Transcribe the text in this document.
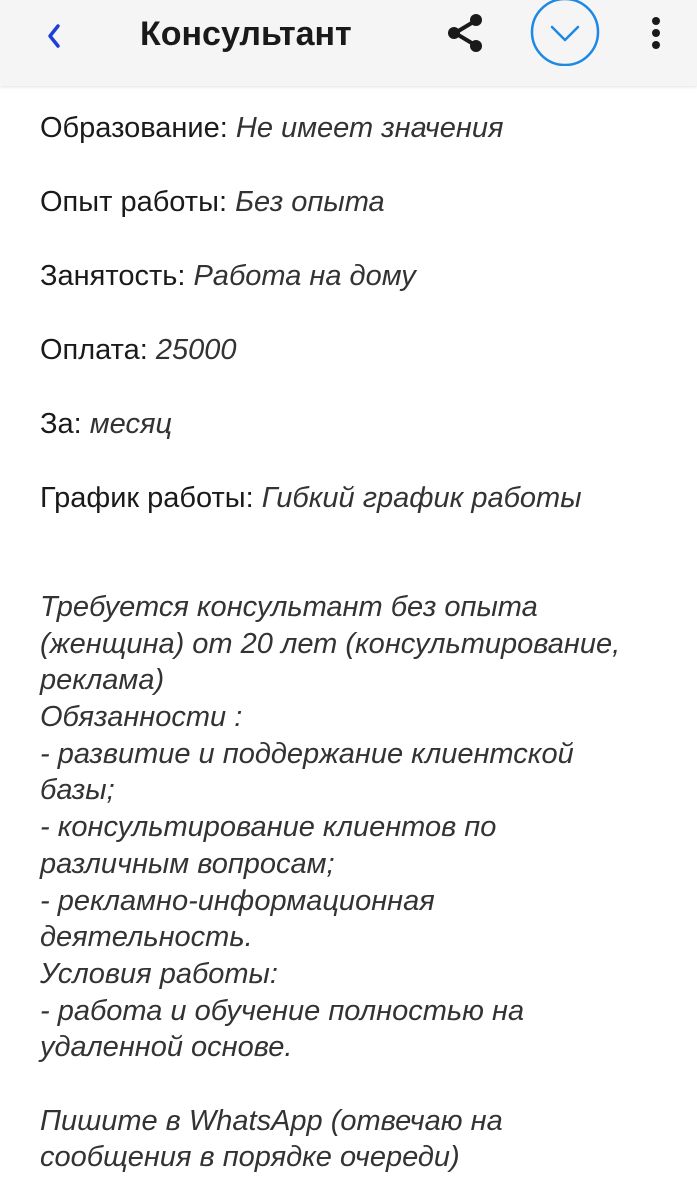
Консультант
Образование: Не имеет значения
Опыт работы: Без опыта
Занятость: Работа на дому
Оплата: 25000
За: месяц
График работы: Гибкий график работы
Требуется консультант без опыта
(женщина) от 20 лет (консультирование,
реклама)
Обязанности :
- развитие и поддержание клиентской
базы;
- консультирование клиентов по
различным вопросам;
- рекламно-информационная
деятельность.
Условия работы:
- работа и обучение полностью на
удаленной основе.
Пишите в WhatsApp (отвечаю на
сообщения в порядке очереди)
